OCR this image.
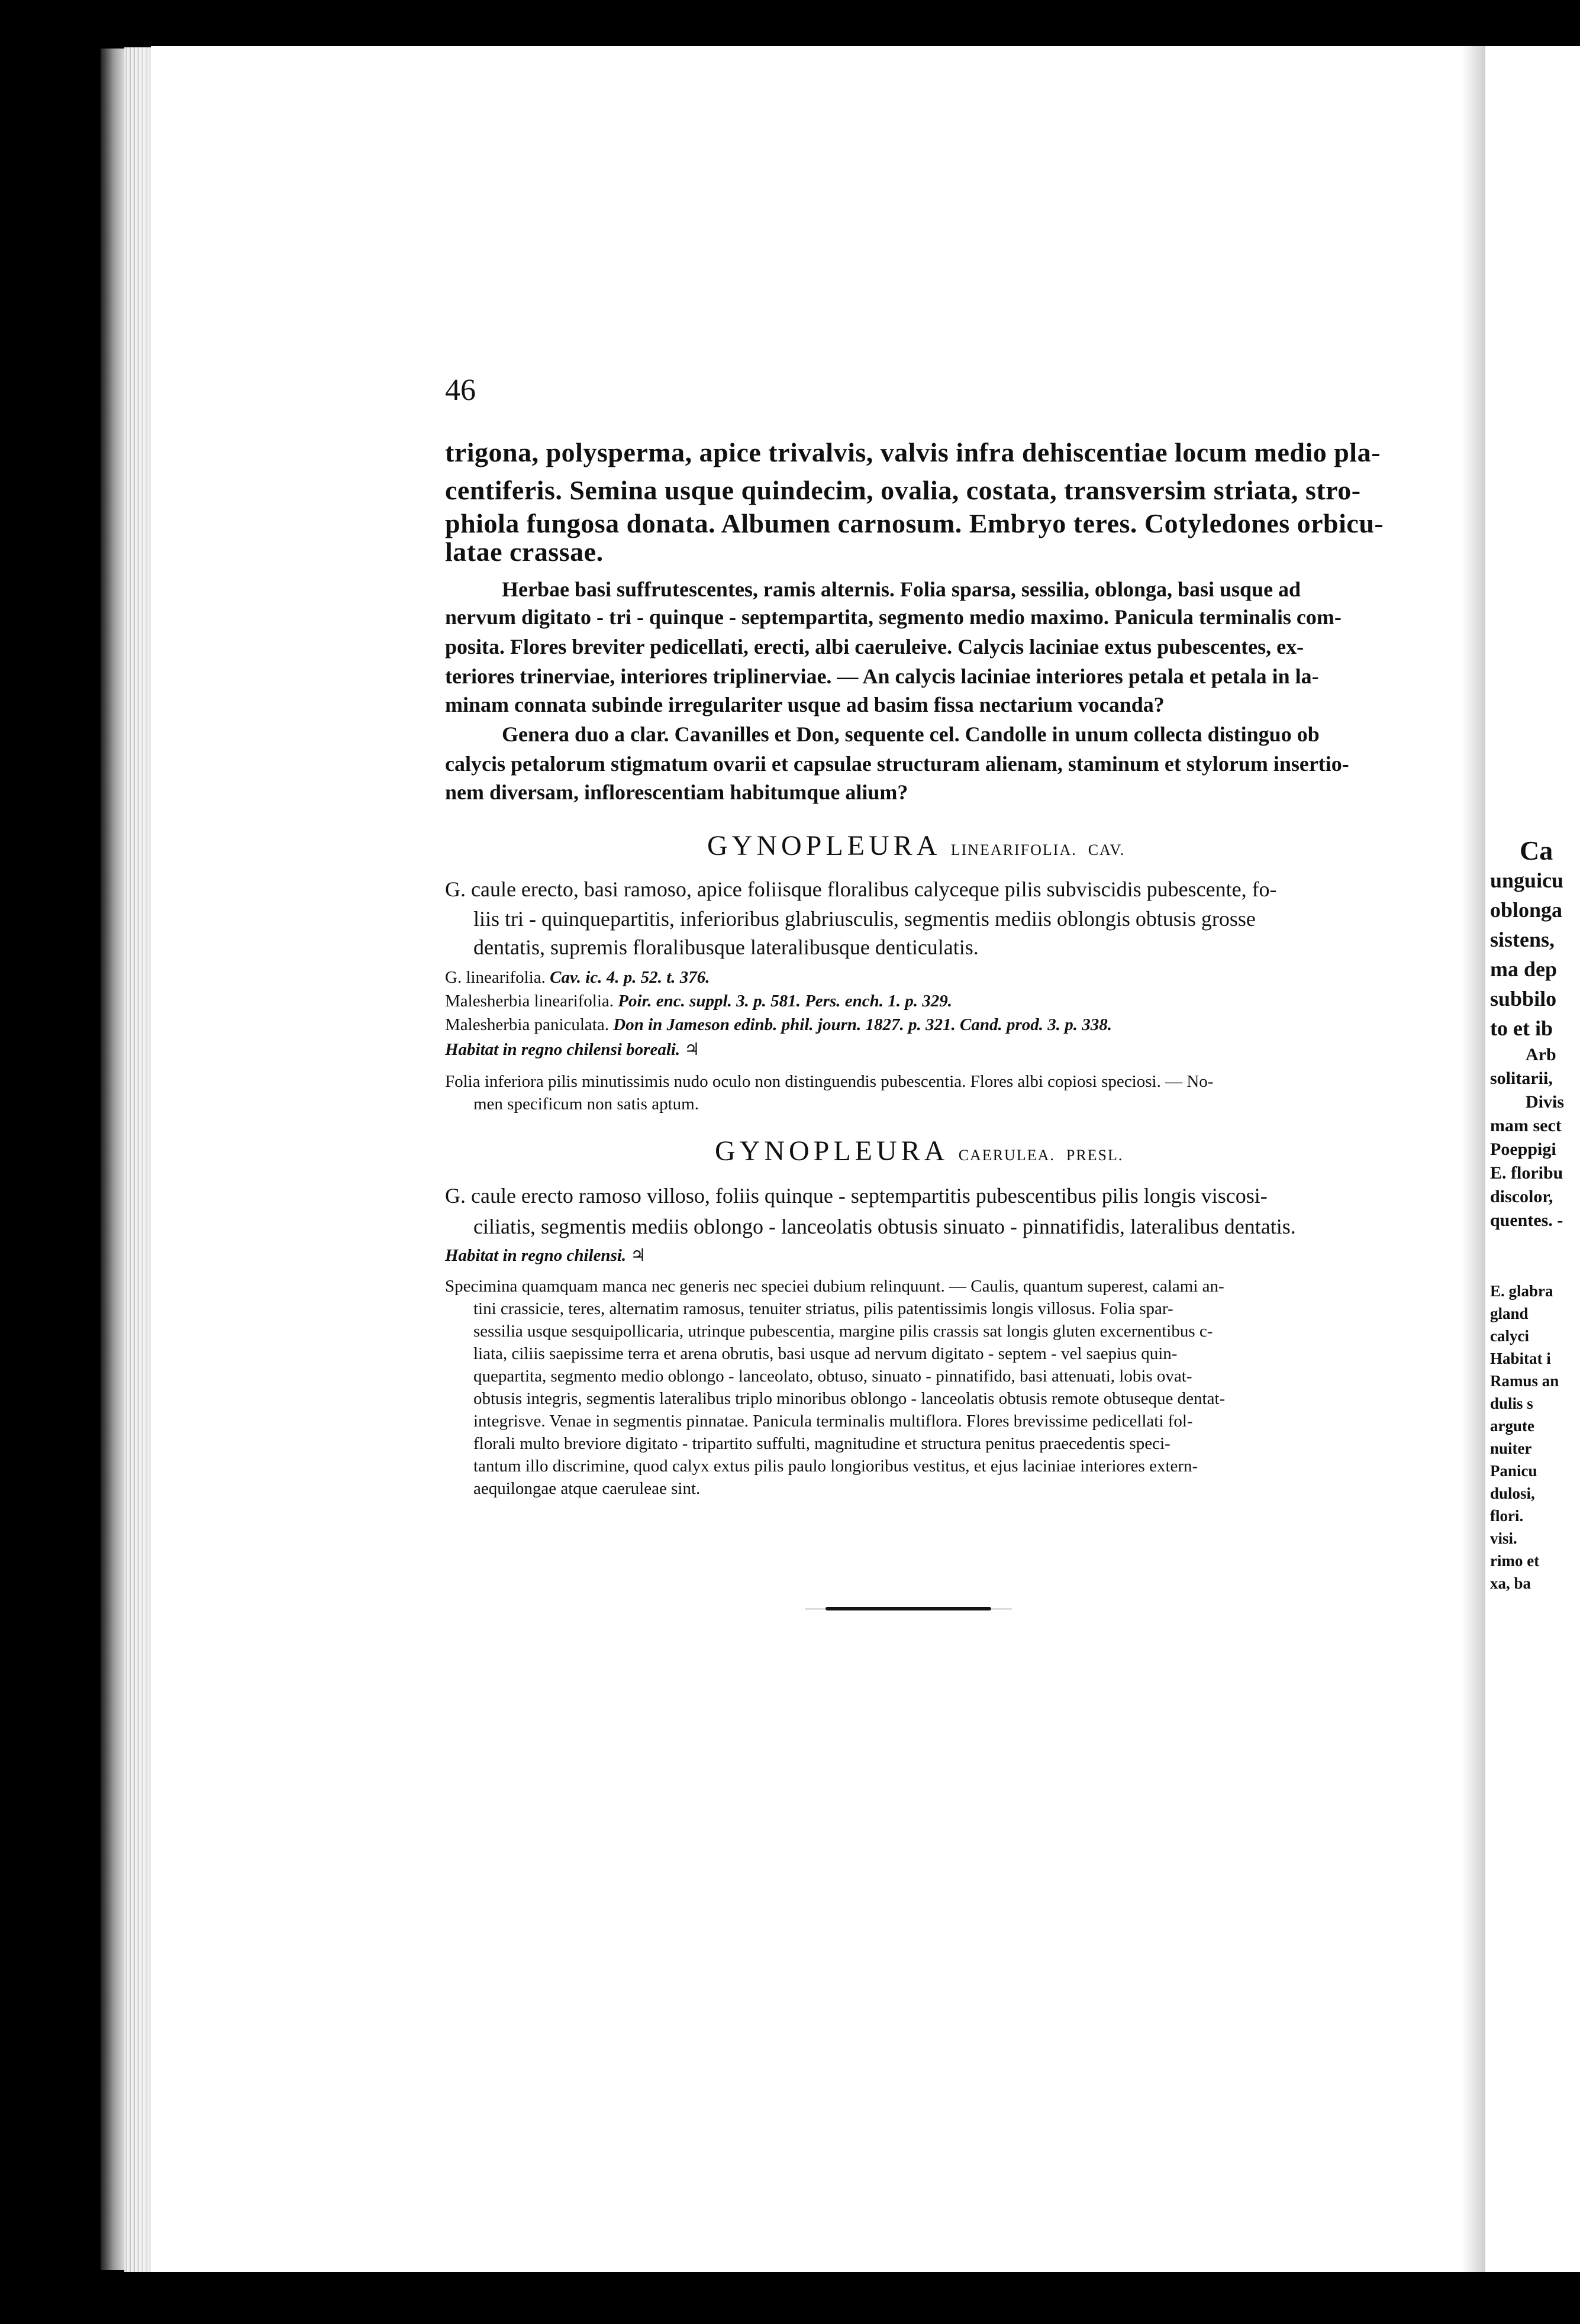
Ca

unguicu

oblonga

sistens,

ma dep

subbilo

to et ib

Arb

solitarii,

Divis

mam sect

Poeppigi

E. floribu

discolor,

quentes. -

E. glabra

gland

calyci

Habitat i

Ramus an

dulis s

argute

nuiter

Panicu

dulosi,

flori.

visi.

rimo et

xa, ba

46

trigona, polysperma, apice trivalvis, valvis infra dehiscentiae locum medio pla-

centiferis. Semina usque quindecim, ovalia, costata, transversim striata, stro-

phiola fungosa donata. Albumen carnosum. Embryo teres. Cotyledones orbicu-

latae crassae.

Herbae basi suffrutescentes, ramis alternis. Folia sparsa, sessilia, oblonga, basi usque ad

nervum digitato - tri - quinque - septempartita, segmento medio maximo. Panicula terminalis com-

posita. Flores breviter pedicellati, erecti, albi caeruleive. Calycis laciniae extus pubescentes, ex-

teriores trinerviae, interiores triplinerviae. — An calycis laciniae interiores petala et petala in la-

minam connata subinde irregulariter usque ad basim fissa nectarium vocanda?

Genera duo a clar. Cavanilles et Don, sequente cel. Candolle in unum collecta distinguo ob

calycis petalorum stigmatum ovarii et capsulae structuram alienam, staminum et stylorum insertio-

nem diversam, inflorescentiam habitumque alium?

GYNOPLEURA LINEARIFOLIA. CAV.

G. caule erecto, basi ramoso, apice foliisque floralibus calyceque pilis subviscidis pubescente, fo-

liis tri - quinquepartitis, inferioribus glabriusculis, segmentis mediis oblongis obtusis grosse

dentatis, supremis floralibusque lateralibusque denticulatis.

G. linearifolia. Cav. ic. 4. p. 52. t. 376.

Malesherbia linearifolia. Poir. enc. suppl. 3. p. 581. Pers. ench. 1. p. 329.

Malesherbia paniculata. Don in Jameson edinb. phil. journ. 1827. p. 321. Cand. prod. 3. p. 338.

Habitat in regno chilensi boreali. ♃

Folia inferiora pilis minutissimis nudo oculo non distinguendis pubescentia. Flores albi copiosi speciosi. — No-

men specificum non satis aptum.

GYNOPLEURA CAERULEA. PRESL.

G. caule erecto ramoso villoso, foliis quinque - septempartitis pubescentibus pilis longis viscosi-

ciliatis, segmentis mediis oblongo - lanceolatis obtusis sinuato - pinnatifidis, lateralibus dentatis.

Habitat in regno chilensi. ♃

Specimina quamquam manca nec generis nec speciei dubium relinquunt. — Caulis, quantum superest, calami an-

tini crassicie, teres, alternatim ramosus, tenuiter striatus, pilis patentissimis longis villosus. Folia spar-

sessilia usque sesquipollicaria, utrinque pubescentia, margine pilis crassis sat longis gluten excernentibus c-

liata, ciliis saepissime terra et arena obrutis, basi usque ad nervum digitato - septem - vel saepius quin-

quepartita, segmento medio oblongo - lanceolato, obtuso, sinuato - pinnatifido, basi attenuati, lobis ovat-

obtusis integris, segmentis lateralibus triplo minoribus oblongo - lanceolatis obtusis remote obtuseque dentat-

integrisve. Venae in segmentis pinnatae. Panicula terminalis multiflora. Flores brevissime pedicellati fol-

florali multo breviore digitato - tripartito suffulti, magnitudine et structura penitus praecedentis speci-

tantum illo discrimine, quod calyx extus pilis paulo longioribus vestitus, et ejus laciniae interiores extern-

aequilongae atque caeruleae sint.
